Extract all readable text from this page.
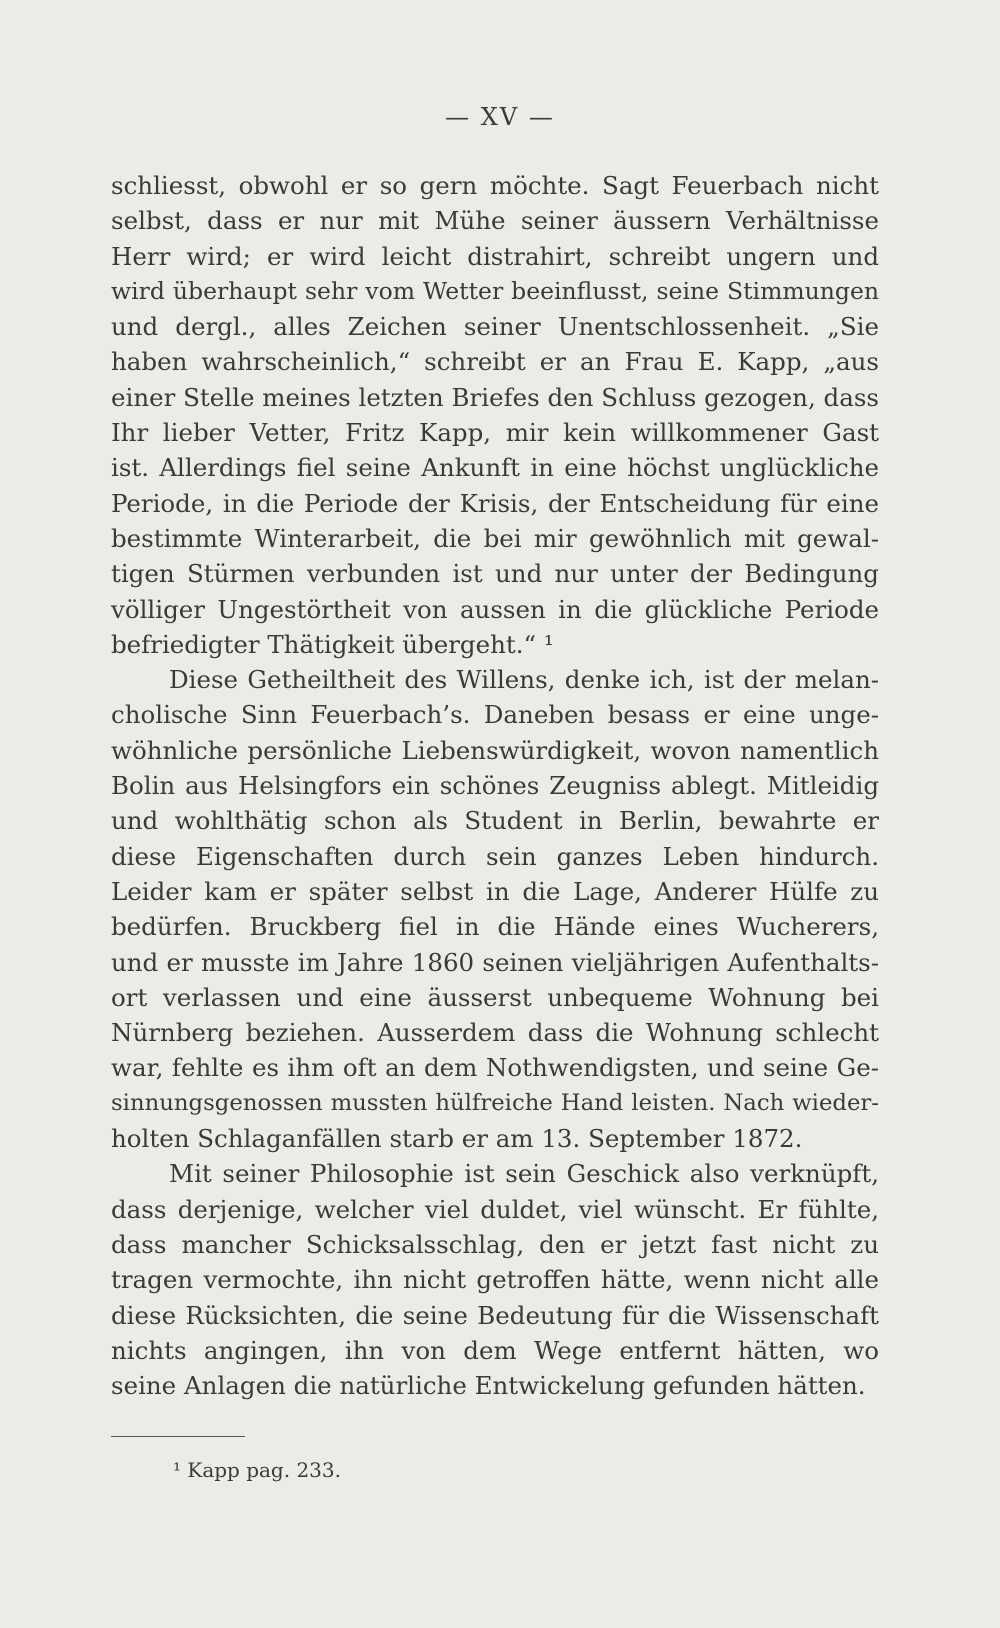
— XV —
schliesst, obwohl er so gern möchte. Sagt Feuerbach nicht
selbst, dass er nur mit Mühe seiner äussern Verhältnisse
Herr wird; er wird leicht distrahirt, schreibt ungern und
wird überhaupt sehr vom Wetter beeinflusst, seine Stimmungen
und dergl., alles Zeichen seiner Unentschlossenheit. „Sie
haben wahrscheinlich,“ schreibt er an Frau E. Kapp, „aus
einer Stelle meines letzten Briefes den Schluss gezogen, dass
Ihr lieber Vetter, Fritz Kapp, mir kein willkommener Gast
ist. Allerdings fiel seine Ankunft in eine höchst unglückliche
Periode, in die Periode der Krisis, der Entscheidung für eine
bestimmte Winterarbeit, die bei mir gewöhnlich mit gewal-
tigen Stürmen verbunden ist und nur unter der Bedingung
völliger Ungestörtheit von aussen in die glückliche Periode
befriedigter Thätigkeit übergeht.“ ¹
Diese Getheiltheit des Willens, denke ich, ist der melan-
cholische Sinn Feuerbach’s. Daneben besass er eine unge-
wöhnliche persönliche Liebenswürdigkeit, wovon namentlich
Bolin aus Helsingfors ein schönes Zeugniss ablegt. Mitleidig
und wohlthätig schon als Student in Berlin, bewahrte er
diese Eigenschaften durch sein ganzes Leben hindurch.
Leider kam er später selbst in die Lage, Anderer Hülfe zu
bedürfen. Bruckberg fiel in die Hände eines Wucherers,
und er musste im Jahre 1860 seinen vieljährigen Aufenthalts-
ort verlassen und eine äusserst unbequeme Wohnung bei
Nürnberg beziehen. Ausserdem dass die Wohnung schlecht
war, fehlte es ihm oft an dem Nothwendigsten, und seine Ge-
sinnungsgenossen mussten hülfreiche Hand leisten. Nach wieder-
holten Schlaganfällen starb er am 13. September 1872.
Mit seiner Philosophie ist sein Geschick also verknüpft,
dass derjenige, welcher viel duldet, viel wünscht. Er fühlte,
dass mancher Schicksalsschlag, den er jetzt fast nicht zu
tragen vermochte, ihn nicht getroffen hätte, wenn nicht alle
diese Rücksichten, die seine Bedeutung für die Wissenschaft
nichts angingen, ihn von dem Wege entfernt hätten, wo
seine Anlagen die natürliche Entwickelung gefunden hätten.
¹ Kapp pag. 233.
